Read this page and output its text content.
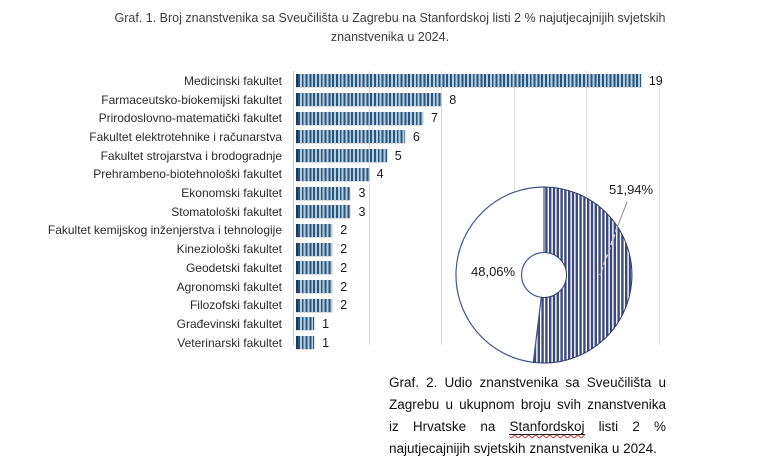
Graf. 1. Broj znanstvenika sa Sveučilišta u Zagrebu na Stanfordskoj listi 2 % najutjecajnijih svjetskih znanstvenika u 2024.
Medicinski fakultet	19
Farmaceutsko-biokemijski fakultet	8
Prirodoslovno-matematički fakultet	7
Fakultet elektrotehnike i računarstva	6
Fakultet strojarstva i brodogradnje	5
Prehrambeno-biotehnološki fakultet	4
Ekonomski fakultet	3
Stomatološki fakultet	3
Fakultet kemijskog inženjerstva i tehnologije	2
Kineziološki fakultet	2
Geodetski fakultet	2
Agronomski fakultet	2
Filozofski fakultet	2
Građevinski fakultet	1
Veterinarski fakultet	1
51,94%
48,06%
Graf. 2. Udio znanstvenika sa Sveučilišta u Zagrebu u ukupnom broju svih znanstvenika iz Hrvatske na Stanfordskoj listi 2 % najutjecajnijih svjetskih znanstvenika u 2024.
